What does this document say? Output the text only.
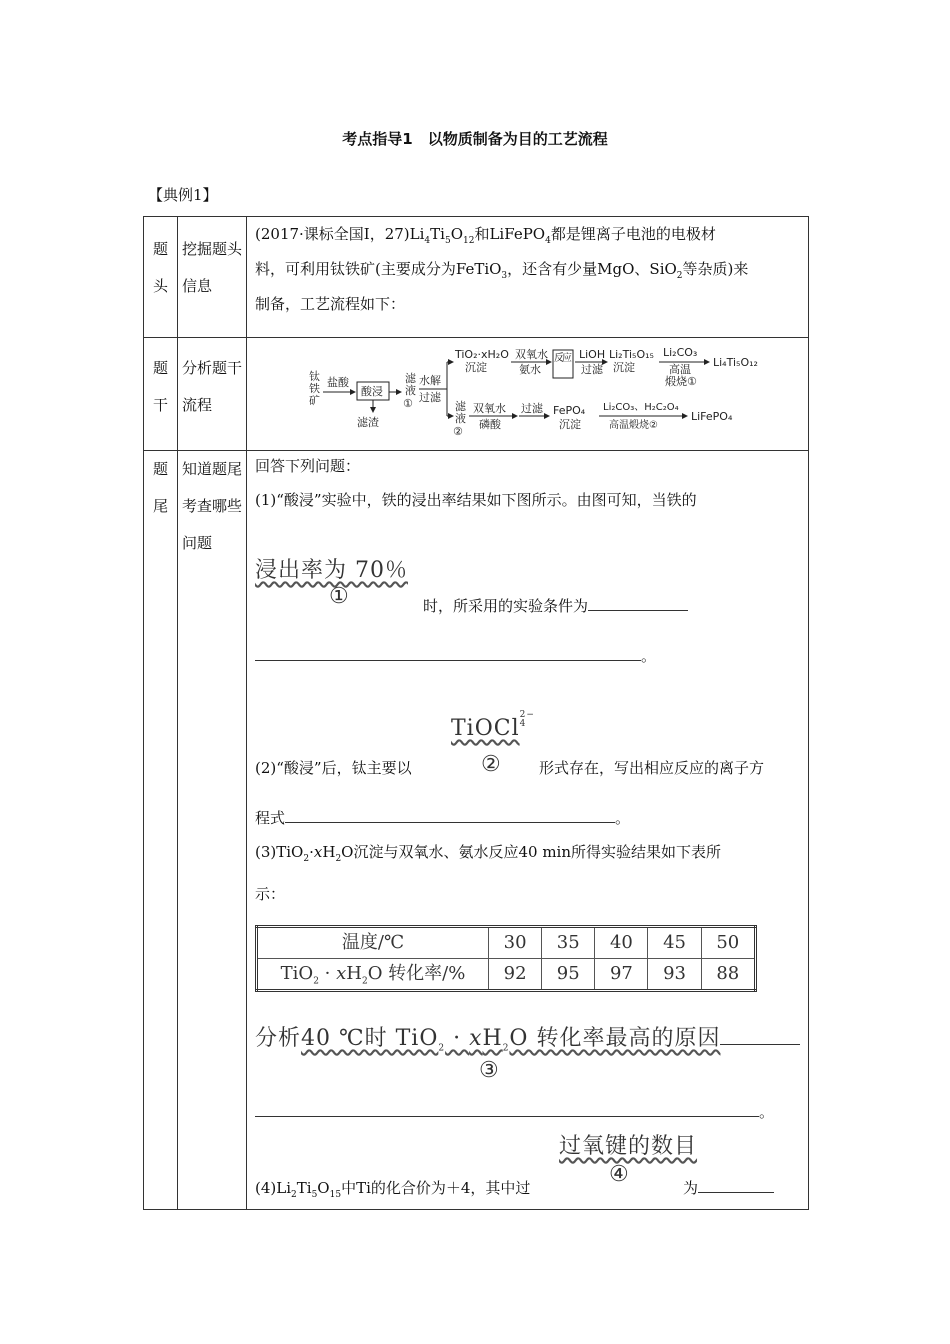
考点指导1　以物质制备为目的工艺流程
【典例1】
题头

挖掘题头信息

(2017·课标全国Ⅰ，$27)Li_4Ti_5O_{12}$和LiFePO$_4$都是锂离子电池的电极材
料，可利用钛铁矿(主要成分为FeTiO$_3$，还含有少量MgO、SiO$_2$等杂质)来
制备，工艺流程如下：

题干

分析题干流程

钛
铁
矿
盐酸
酸浸
滤渣
滤
液
①
水解
过滤
TiO₂·xH₂O
沉淀
双氧水
氨水
反应 LiOH
过滤
Li₂Ti₅O₁₅
沉淀
Li₂CO₃
高温
煅烧①
Li₄Ti₅O₁₂
滤
液
②
双氧水
磷酸
过滤 FePO₄
沉淀
Li₂CO₃、H₂C₂O₄
高温煅烧②
LiFePO₄

题尾

知道题尾考查哪些问题

回答下列问题：
(1)“酸浸”实验中，铁的浸出率结果如下图所示。由图可知，当铁的
浸出率为 70％
①	时，所采用的实验条件为
。
TiOCl2−
4
②
(2)“酸浸”后，钛主要以	形式存在，写出相应反应的离子方
程式	。
$(3)TiO_2\cdot xH_2O$沉淀与双氧水、氨水反应40 min所得实验结果如下表所
示：
温度/℃	30	35	40	45	50
$TiO_2 \cdot xH_2O$ 转化率/%	92	95	97	93	88
分析40 ℃时 $TiO_2 \cdot xH_2O$ 转化率最高的原因
③
。
过氧键的数目
④
$(4)Li_2Ti_5O_{15}$中Ti的化合价为＋4，其中过	为
